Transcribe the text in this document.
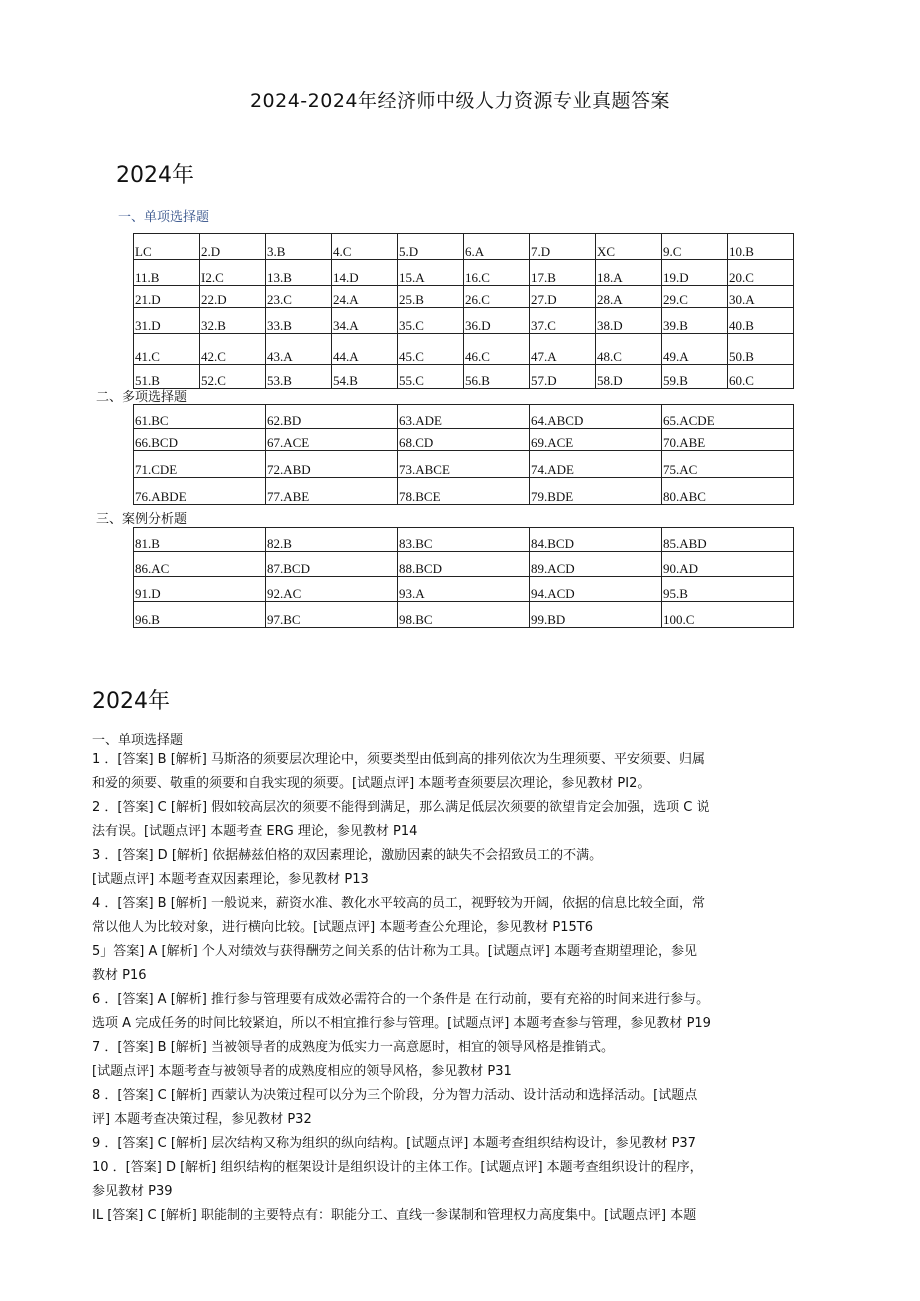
2024-2024年经济师中级人力资源专业真题答案
2024年
一、单项选择题
LC	2.D	3.B	4.C	5.D	6.A	7.D	XC	9.C	10.B
11.B	I2.C	13.B	14.D	15.A	16.C	17.B	18.A	19.D	20.C
21.D	22.D	23.C	24.A	25.B	26.C	27.D	28.A	29.C	30.A
31.D	32.B	33.B	34.A	35.C	36.D	37.C	38.D	39.B	40.B
41.C	42.C	43.A	44.A	45.C	46.C	47.A	48.C	49.A	50.B
51.B	52.C	53.B	54.B	55.C	56.B	57.D	58.D	59.B	60.C
二、多项选择题
61.BC	62.BD	63.ADE	64.ABCD	65.ACDE
66.BCD	67.ACE	68.CD	69.ACE	70.ABE
71.CDE	72.ABD	73.ABCE	74.ADE	75.AC
76.ABDE	77.ABE	78.BCE	79.BDE	80.ABC
三、案例分析题
81.B	82.B	83.BC	84.BCD	85.ABD
86.AC	87.BCD	88.BCD	89.ACD	90.AD
91.D	92.AC	93.A	94.ACD	95.B
96.B	97.BC	98.BC	99.BD	100.C
2024年
一、单项选择题

1 ．[答案] B [解析] 马斯洛的须要层次理论中，须要类型由低到高的排列依次为生理须要、平安须要、归属

和爱的须要、敬重的须要和自我实现的须要。[试题点评] 本题考查须要层次理论，参见教材 PI2。

2 ．[答案] C [解析] 假如较高层次的须要不能得到满足，那么满足低层次须要的欲望肯定会加强，选项 C 说

法有误。[试题点评] 本题考查 ERG 理论，参见教材 P14

3 ．[答案] D [解析] 依据赫兹伯格的双因素理论，激励因素的缺失不会招致员工的不满。

[试题点评] 本题考查双因素理论，参见教材 P13

4 ．[答案] B [解析] 一般说来，薪资水准、教化水平较高的员工，视野较为开阔，依据的信息比较全面，常

常以他人为比较对象，进行横向比较。[试题点评] 本题考查公允理论，参见教材 P15T6

5」答案] A [解析] 个人对绩效与获得酬劳之间关系的估计称为工具。[试题点评] 本题考查期望理论，参见

教材 P16

6 ．[答案] A [解析] 推行参与管理要有成效必需符合的一个条件是 在行动前，要有充裕的时间来进行参与。

选项 A 完成任务的时间比较紧迫，所以不相宜推行参与管理。[试题点评] 本题考查参与管理，参见教材 P19

7 ．[答案] B [解析] 当被领导者的成熟度为低实力一高意愿时，相宜的领导风格是推销式。

[试题点评] 本题考查与被领导者的成熟度相应的领导风格，参见教材 P31

8 ．[答案] C [解析] 西蒙认为决策过程可以分为三个阶段，分为智力活动、设计活动和选择活动。[试题点

评] 本题考查决策过程，参见教材 P32

9 ．[答案] C [解析] 层次结构又称为组织的纵向结构。[试题点评] 本题考查组织结构设计，参见教材 P37

10 ．[答案] D [解析] 组织结构的框架设计是组织设计的主体工作。[试题点评] 本题考查组织设计的程序，

参见教材 P39

IL [答案] C [解析] 职能制的主要特点有：职能分工、直线一参谋制和管理权力高度集中。[试题点评] 本题
